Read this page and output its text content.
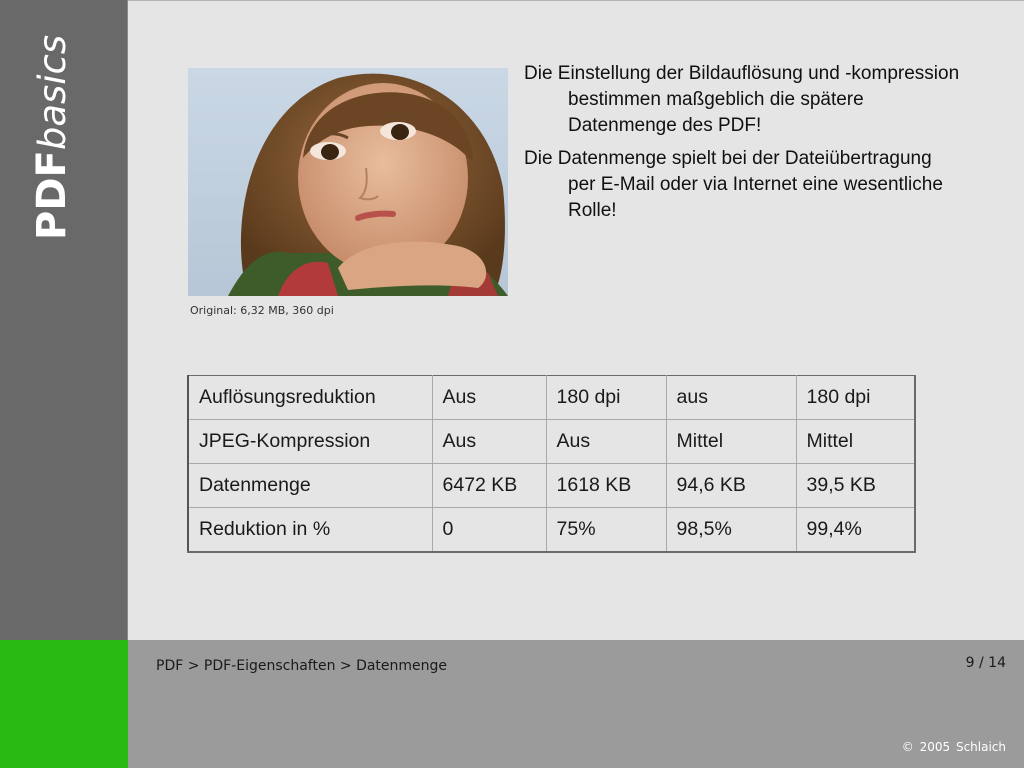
PDFbasics
Original: 6,32 MB, 360 dpi

Die Einstellung der Bildauflösung und -kompression bestimmen maßgeblich die spätere Datenmenge des PDF!

Die Datenmenge spielt bei der Dateiübertragung per E-Mail oder via Internet eine wesentliche Rolle!

Auflösungsreduktion	Aus	180 dpi	aus	180 dpi
JPEG-Kompression	Aus	Aus	Mittel	Mittel
Datenmenge	6472 KB	1618 KB	94,6 KB	39,5 KB
Reduktion in %	0	75%	98,5%	99,4%
PDF > PDF-Eigenschaften > Datenmenge	9 / 14
© 2005 Schlaich
